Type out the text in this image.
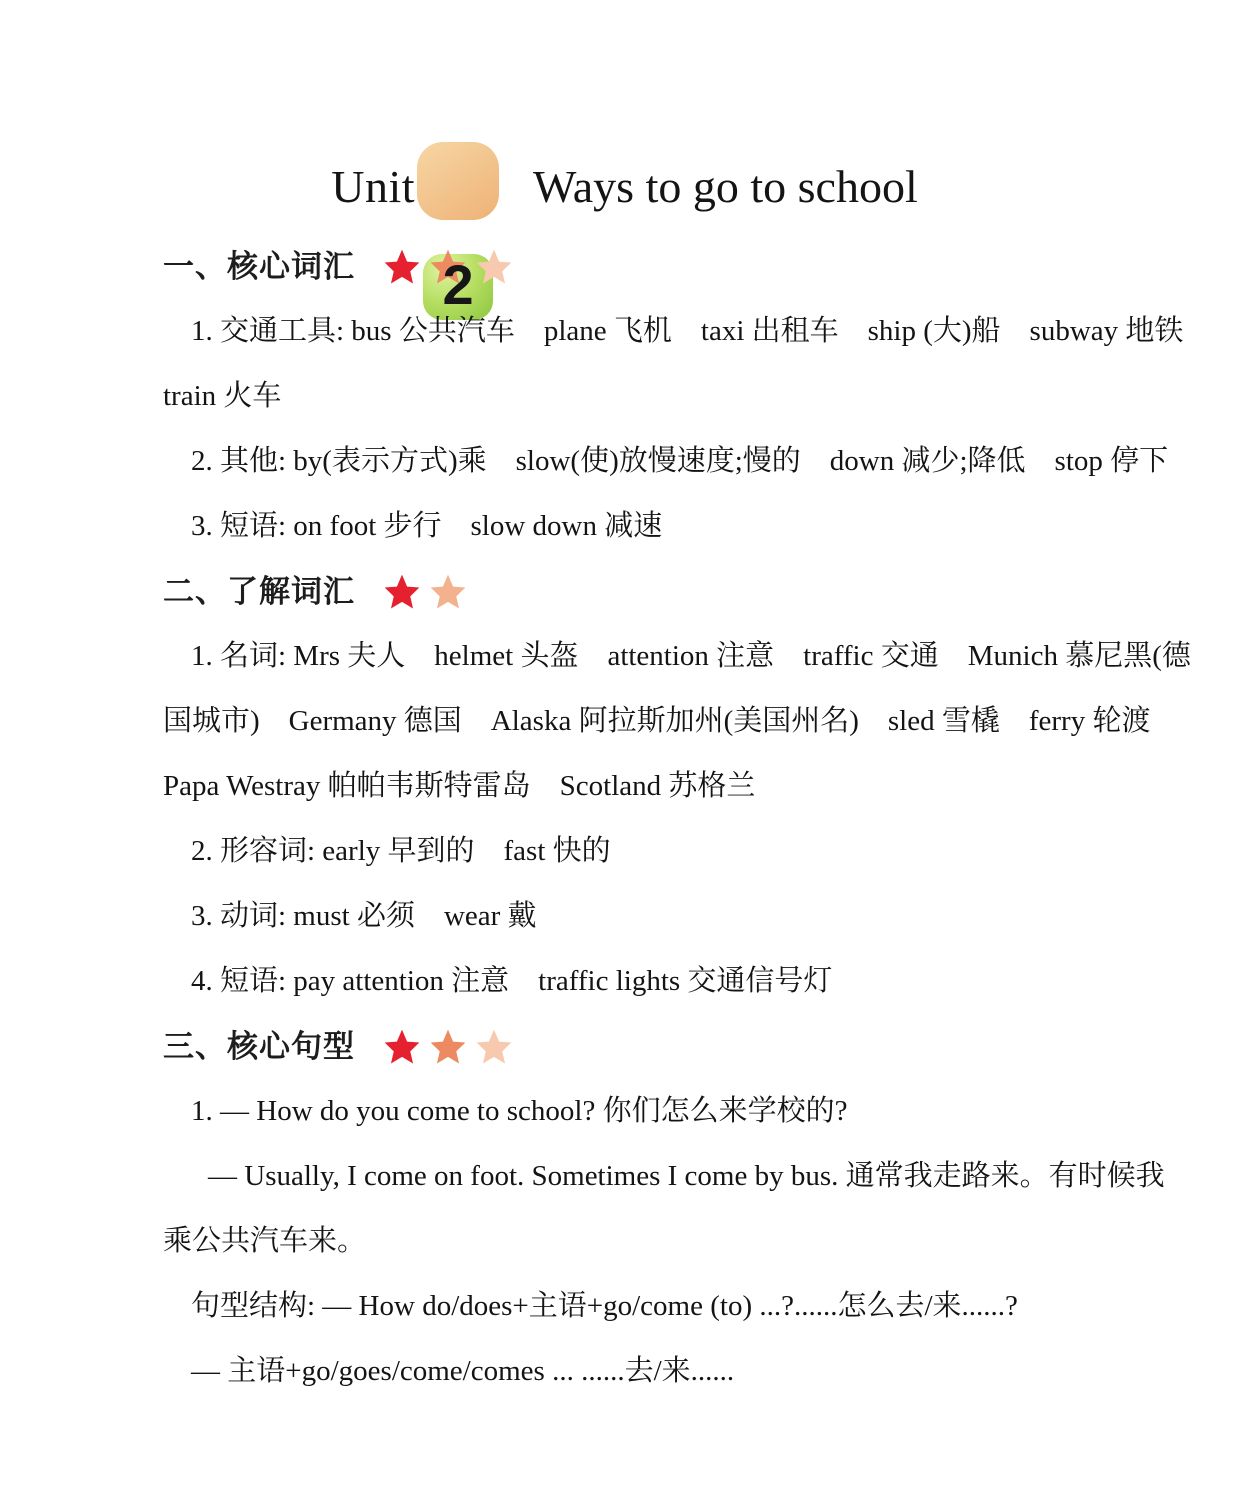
Unit

2

Ways to go to school
一、核心词汇
1. 交通工具: bus 公共汽车    plane 飞机    taxi 出租车    ship (大)船    subway 地铁
train 火车
2. 其他: by(表示方式)乘    slow(使)放慢速度;慢的    down 减少;降低    stop 停下
3. 短语: on foot 步行    slow down 减速
二、了解词汇
1. 名词: Mrs 夫人    helmet 头盔    attention 注意    traffic 交通    Munich 慕尼黑(德
国城市)    Germany 德国    Alaska 阿拉斯加州(美国州名)    sled 雪橇    ferry 轮渡
Papa Westray 帕帕韦斯特雷岛    Scotland 苏格兰
2. 形容词: early 早到的    fast 快的
3. 动词: must 必须    wear 戴
4. 短语: pay attention 注意    traffic lights 交通信号灯
三、核心句型
1. — How do you come to school? 你们怎么来学校的?
— Usually, I come on foot. Sometimes I come by bus. 通常我走路来。有时候我
乘公共汽车来。
句型结构: — How do/does+主语+go/come (to) ...?......怎么去/来......?
— 主语+go/goes/come/comes ... ......去/来......
